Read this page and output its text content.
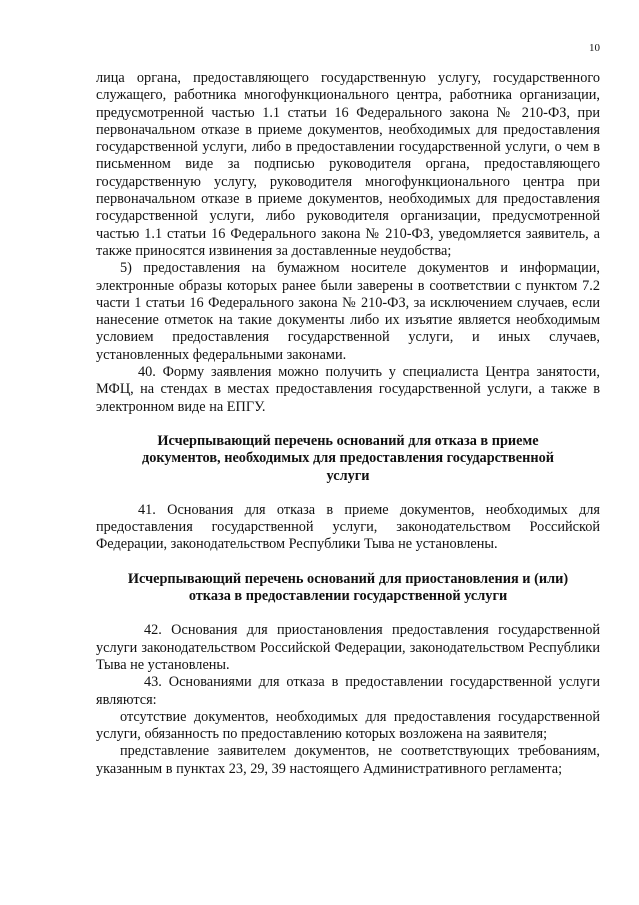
10

лица органа, предоставляющего государственную услугу, государственного служащего, работника многофункционального центра, работника организации, предусмотренной частью 1.1 статьи 16 Федерального закона № 210-ФЗ, при первоначальном отказе в приеме документов, необходимых для предоставления государственной услуги, либо в предоставлении государственной услуги, о чем в письменном виде за подписью руководителя органа, предоставляющего государственную услугу, руководителя многофункционального центра при первоначальном отказе в приеме документов, необходимых для предоставления государственной услуги, либо руководителя организации, предусмотренной частью 1.1 статьи 16 Федерального закона № 210-ФЗ, уведомляется заявитель, а также приносятся извинения за доставленные неудобства;

5) предоставления на бумажном носителе документов и информации, электронные образы которых ранее были заверены в соответствии с пунктом 7.2 части 1 статьи 16 Федерального закона № 210-ФЗ, за исключением случаев, если нанесение отметок на такие документы либо их изъятие является необходимым условием предоставления государственной услуги, и иных случаев, установленных федеральными законами.

40. Форму заявления можно получить у специалиста Центра занятости, МФЦ, на стендах в местах предоставления государственной услуги, а также в электронном виде на ЕПГУ.

Исчерпывающий перечень оснований для отказа в приеме документов, необходимых для предоставления государственной услуги

41. Основания для отказа в приеме документов, необходимых для предоставления государственной услуги, законодательством Российской Федерации, законодательством Республики Тыва не установлены.

Исчерпывающий перечень оснований для приостановления и (или) отказа в предоставлении государственной услуги

42. Основания для приостановления предоставления государственной услуги законодательством Российской Федерации, законодательством Республики Тыва не установлены.

43. Основаниями для отказа в предоставлении государственной услуги являются:

отсутствие документов, необходимых для предоставления государственной услуги, обязанность по предоставлению которых возложена на заявителя;

представление заявителем документов, не соответствующих требованиям, указанным в пунктах 23, 29, 39 настоящего Административного регламента;
